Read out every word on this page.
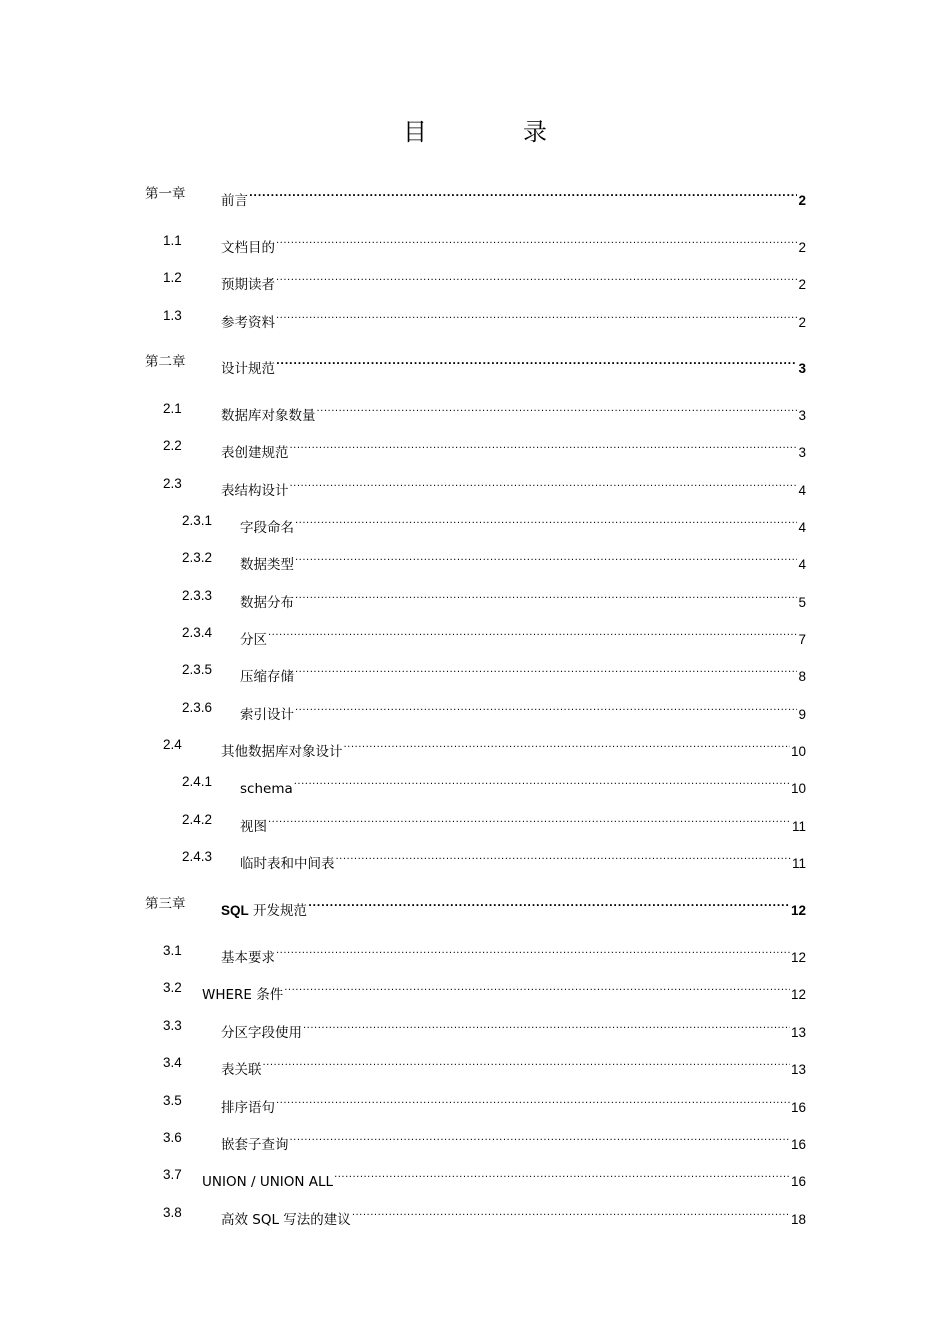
目　录
第一章	前言 .....	2
1.1	文档目的 .....	2
1.2	预期读者 .....	2
1.3	参考资料 .....	2
第二章	设计规范 .....	3
2.1	数据库对象数量 .....	3
2.2	表创建规范 .....	3
2.3	表结构设计 .....	4
2.3.1 字段命名 .....	4
2.3.2 数据类型 .....	4
2.3.3 数据分布 .....	5
2.3.4 分区 .....	7
2.3.5 压缩存储 .....	8
2.3.6 索引设计 .....	9
2.4	其他数据库对象设计 .....	10
2.4.1 schema .....	10
2.4.2 视图 .....	11
2.4.3 临时表和中间表 .....	11
第三章	SQL 开发规范 .....	12
3.1	基本要求 .....	12
3.2 WHERE 条件 .....	12
3.3	分区字段使用 .....	13
3.4	表关联 .....	13
3.5	排序语句 .....	16
3.6	嵌套子查询 .....	16
3.7 UNION / UNION ALL .....	16
3.8	高效 SQL 写法的建议 .....	18
